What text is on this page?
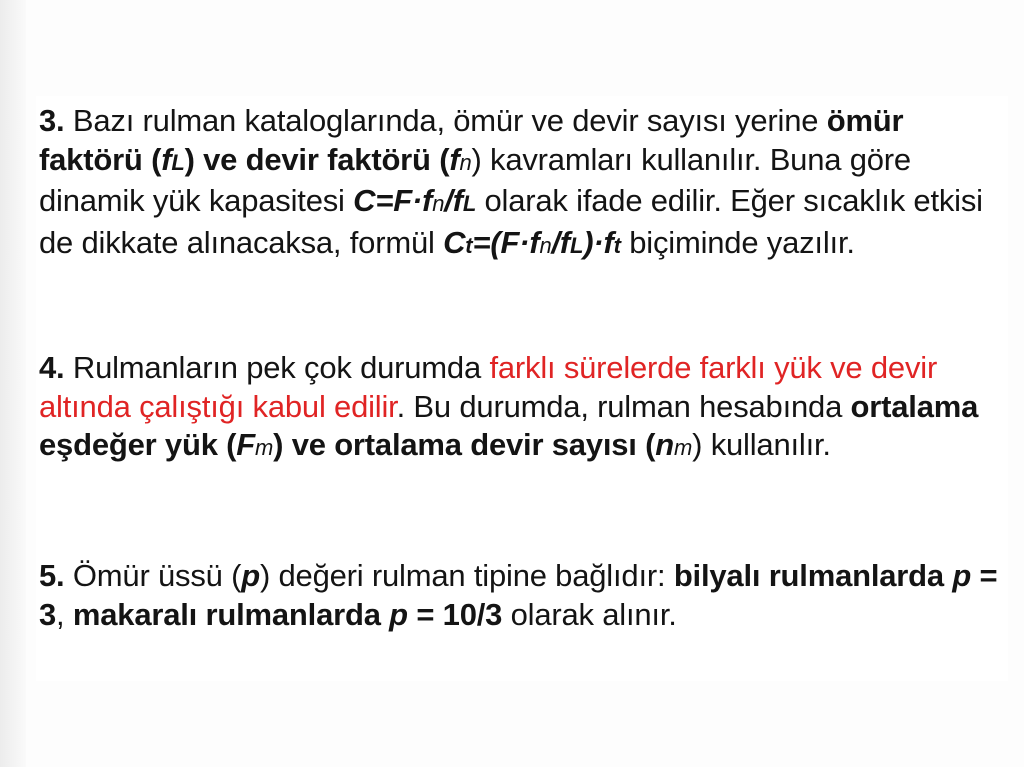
3. Bazı rulman kataloglarında, ömür ve devir sayısı yerine ömür faktörü (fL) ve devir faktörü (fn) kavramları kullanılır. Buna göre dinamik yük kapasitesi C=F·fn/fL olarak ifade edilir. Eğer sıcaklık etkisi de dikkate alınacaksa, formül Ct=(F·fn/fL)·ft biçiminde yazılır.

4. Rulmanların pek çok durumda farklı sürelerde farklı yük ve devir altında çalıştığı kabul edilir. Bu durumda, rulman hesabında ortalama eşdeğer yük (Fm) ve ortalama devir sayısı (nm) kullanılır.

5. Ömür üssü (p) değeri rulman tipine bağlıdır: bilyalı rulmanlarda p = 3, makaralı rulmanlarda p = 10/3 olarak alınır.
